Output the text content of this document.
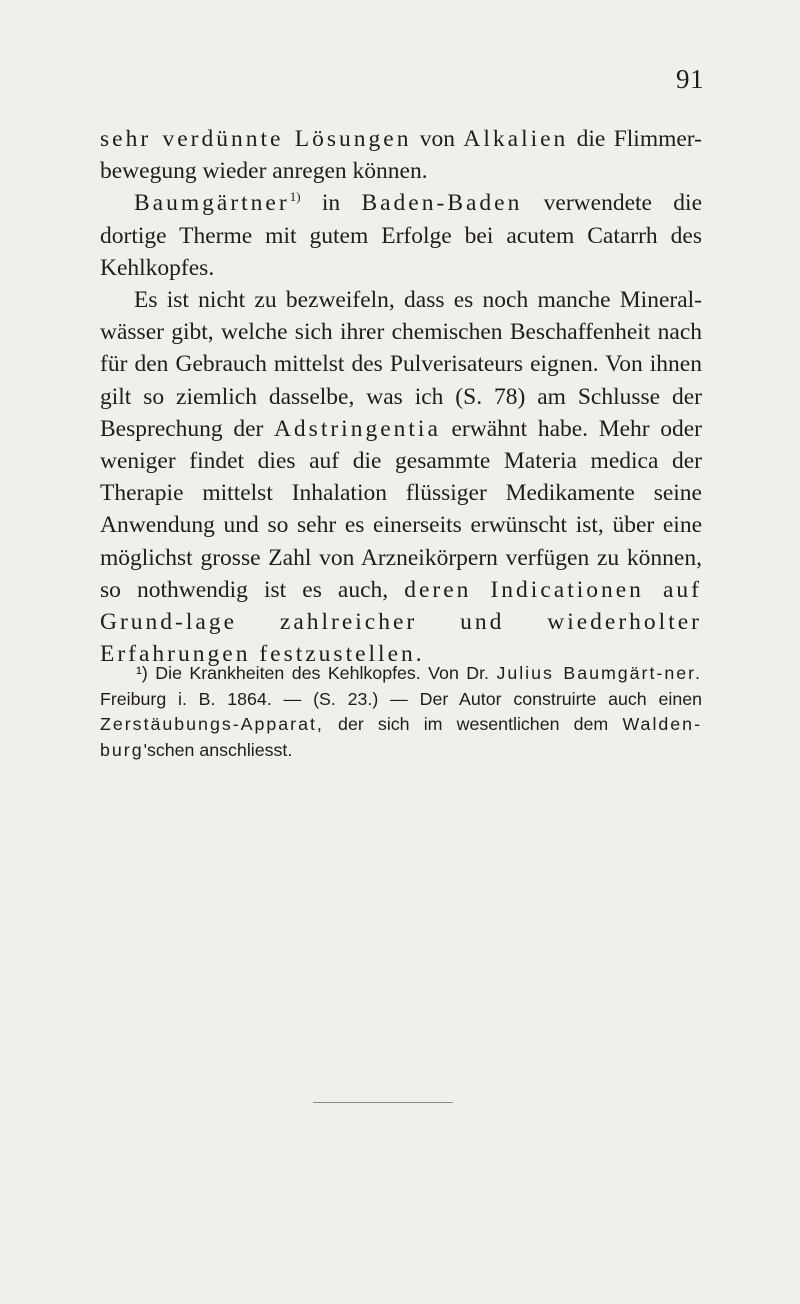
91

sehr verdünnte Lösungen von Alkalien die Flimmer-bewegung wieder anregen können.

Baumgärtner$^{1)}$ in Baden-Baden verwendete die dortige Therme mit gutem Erfolge bei acutem Catarrh des Kehlkopfes.

Es ist nicht zu bezweifeln, dass es noch manche Mineral-wässer gibt, welche sich ihrer chemischen Beschaffenheit nach für den Gebrauch mittelst des Pulverisateurs eignen. Von ihnen gilt so ziemlich dasselbe, was ich (S. 78) am Schlusse der Besprechung der Adstringentia erwähnt habe. Mehr oder weniger findet dies auf die gesammte Materia medica der Therapie mittelst Inhalation flüssiger Medikamente seine Anwendung und so sehr es einerseits erwünscht ist, über eine möglichst grosse Zahl von Arzneikörpern verfügen zu können, so nothwendig ist es auch, deren Indicationen auf Grund-lage zahlreicher und wiederholter Erfahrungen festzustellen.

¹) Die Krankheiten des Kehlkopfes. Von Dr. Julius Baumgärt-ner. Freiburg i. B. 1864. — (S. 23.) — Der Autor construirte auch einen Zerstäubungs-Apparat, der sich im wesentlichen dem Walden-burg'schen anschliesst.
